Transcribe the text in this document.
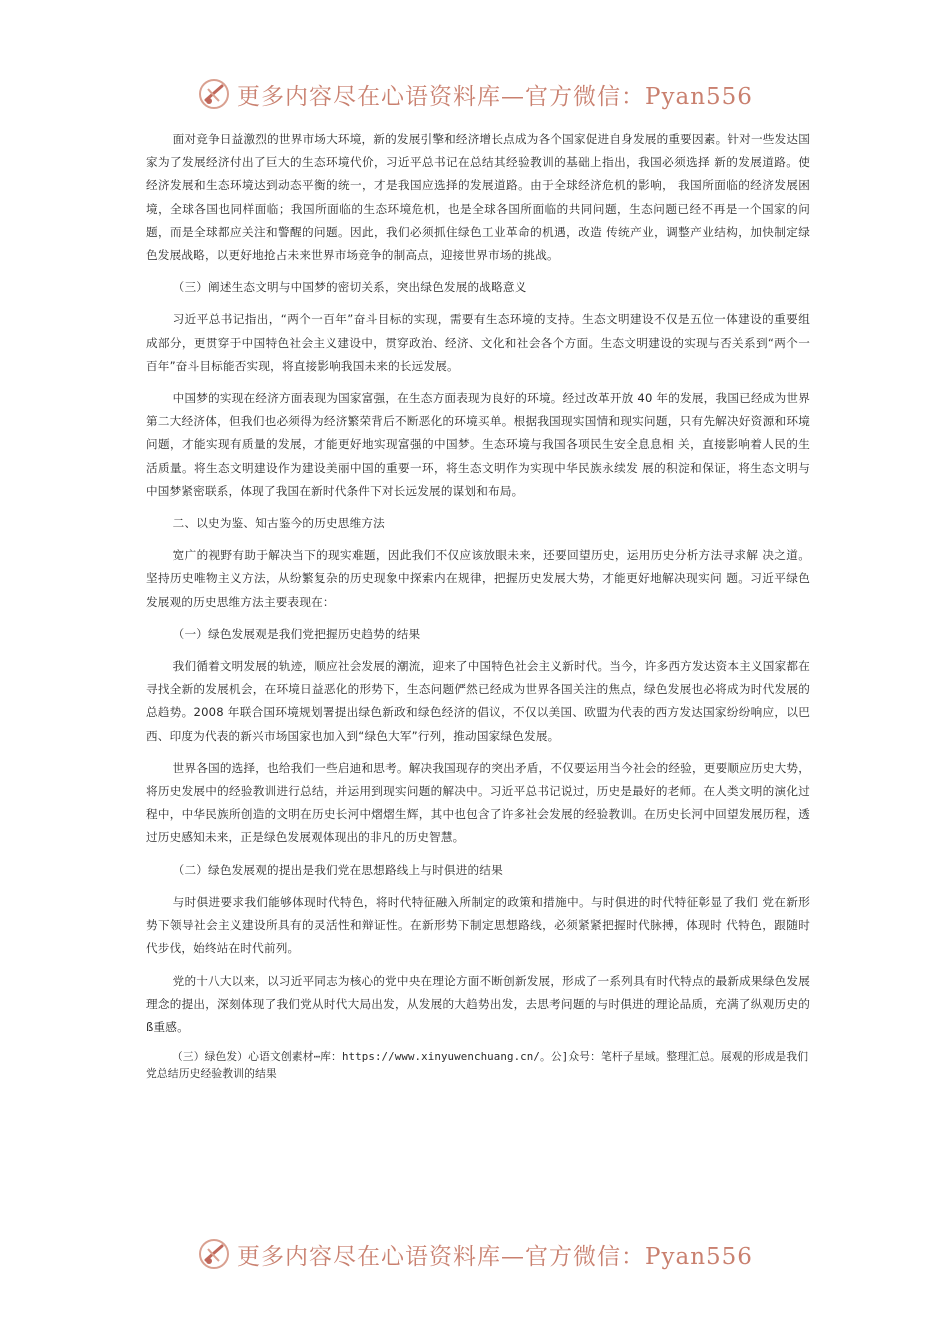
更多内容尽在心语资料库—官方微信：Pyan556

面对竞争日益激烈的世界市场大环境，新的发展引擎和经济增长点成为各个国家促进自身发展的重要因素。针对一些发达国家为了发展经济付出了巨大的生态环境代价，习近平总书记在总结其经验教训的基础上指出，我国必须选择 新的发展道路。使经济发展和生态环境达到动态平衡的统一，才是我国应选择的发展道路。由于全球经济危机的影响， 我国所面临的经济发展困境，全球各国也同样面临；我国所面临的生态环境危机，也是全球各国所面临的共同问题，生态问题已经不再是一个国家的问题，而是全球都应关注和警醒的问题。因此，我们必须抓住绿色工业革命的机遇，改造 传统产业，调整产业结构，加快制定绿色发展战略，以更好地抢占未来世界市场竞争的制高点，迎接世界市场的挑战。

（三）阐述生态文明与中国梦的密切关系，突出绿色发展的战略意义

习近平总书记指出，“两个一百年”奋斗目标的实现，需要有生态环境的支持。生态文明建设不仅是五位一体建设的重要组成部分，更贯穿于中国特色社会主义建设中，贯穿政治、经济、文化和社会各个方面。生态文明建设的实现与否关系到“两个一百年”奋斗目标能否实现，将直接影响我国未来的长远发展。

中国梦的实现在经济方面表现为国家富强，在生态方面表现为良好的环境。经过改革开放 40 年的发展，我国已经成为世界第二大经济体，但我们也必须得为经济繁荣背后不断恶化的环境买单。根据我国现实国情和现实问题，只有先解决好资源和环境问题，才能实现有质量的发展，才能更好地实现富强的中国梦。生态环境与我国各项民生安全息息相 关，直接影响着人民的生活质量。将生态文明建设作为建设美丽中国的重要一环，将生态文明作为实现中华民族永续发 展的积淀和保证，将生态文明与中国梦紧密联系，体现了我国在新时代条件下对长远发展的谋划和布局。

二、以史为鉴、知古鉴今的历史思维方法

宽广的视野有助于解决当下的现实难题，因此我们不仅应该放眼未来，还要回望历史，运用历史分析方法寻求解 决之道。坚持历史唯物主义方法，从纷繁复杂的历史现象中探索内在规律，把握历史发展大势，才能更好地解决现实问 题。习近平绿色发展观的历史思维方法主要表现在：

（一）绿色发展观是我们党把握历史趋势的结果

我们循着文明发展的轨迹，顺应社会发展的潮流，迎来了中国特色社会主义新时代。当今，许多西方发达资本主义国家都在寻找全新的发展机会，在环境日益恶化的形势下，生态问题俨然已经成为世界各国关注的焦点，绿色发展也必将成为时代发展的总趋势。2008 年联合国环境规划署提出绿色新政和绿色经济的倡议，不仅以美国、欧盟为代表的西方发达国家纷纷响应，以巴西、印度为代表的新兴市场国家也加入到“绿色大军”行列，推动国家绿色发展。

世界各国的选择，也给我们一些启迪和思考。解决我国现存的突出矛盾，不仅要运用当今社会的经验，更要顺应历史大势，将历史发展中的经验教训进行总结，并运用到现实问题的解决中。习近平总书记说过，历史是最好的老师。在人类文明的演化过程中，中华民族所创造的文明在历史长河中熠熠生辉，其中也包含了许多社会发展的经验教训。在历史长河中回望发展历程，透过历史感知未来，正是绿色发展观体现出的非凡的历史智慧。

（二）绿色发展观的提出是我们党在思想路线上与时俱进的结果

与时俱进要求我们能够体现时代特色，将时代特征融入所制定的政策和措施中。与时俱进的时代特征彰显了我们 党在新形势下领导社会主义建设所具有的灵活性和辩证性。在新形势下制定思想路线，必须紧紧把握时代脉搏，体现时 代特色，跟随时代步伐，始终站在时代前列。

党的十八大以来，以习近平同志为核心的党中央在理论方面不断创新发展，形成了一系列具有时代特点的最新成果绿色发展理念的提出，深刻体现了我们党从时代大局出发，从发展的大趋势出发，去思考问题的与时俱进的理论品质，充满了纵观历史的ß重感。

（三）绿色发）心语文创素材⋯库：https://www.xinyuwenchuang.cn/。公]众号：笔杆子星域。整理汇总。展观的形成是我们党总结历史经验教训的结果

更多内容尽在心语资料库—官方微信：Pyan556
